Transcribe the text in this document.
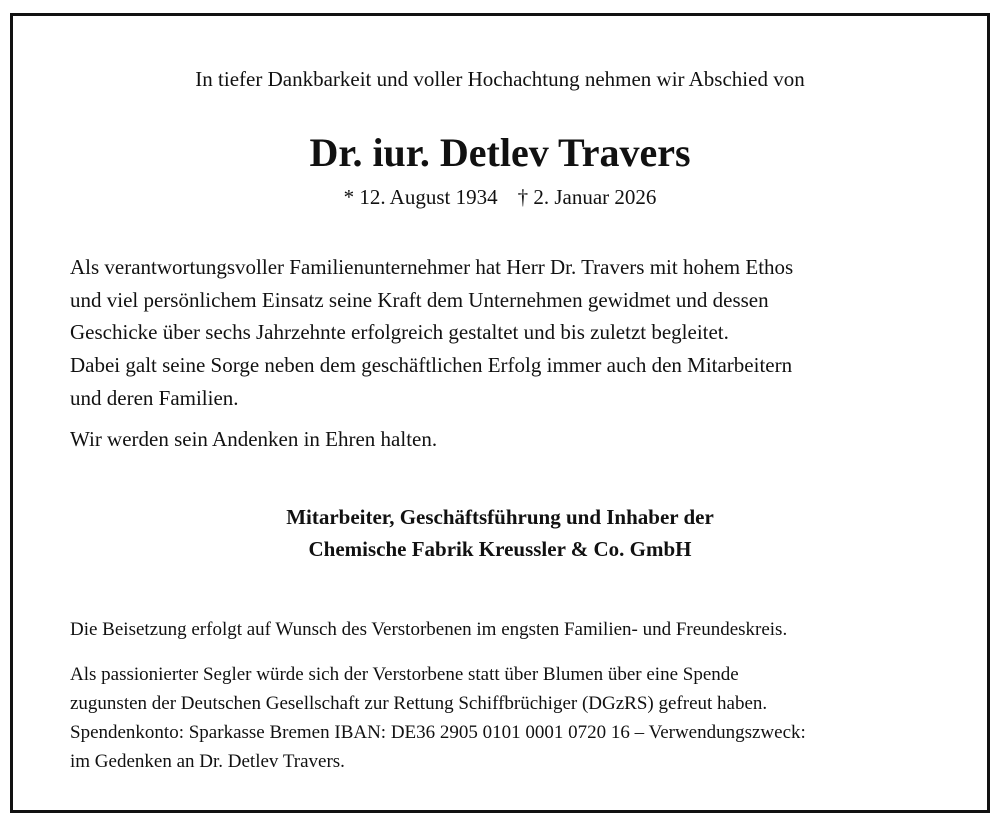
In tiefer Dankbarkeit und voller Hochachtung nehmen wir Abschied von
Dr. iur. Detlev Travers
* 12. August 1934 † 2. Januar 2026
Als verantwortungsvoller Familienunternehmer hat Herr Dr. Travers mit hohem Ethos
und viel persönlichem Einsatz seine Kraft dem Unternehmen gewidmet und dessen
Geschicke über sechs Jahrzehnte erfolgreich gestaltet und bis zuletzt begleitet.
Dabei galt seine Sorge neben dem geschäftlichen Erfolg immer auch den Mitarbeitern
und deren Familien.
Wir werden sein Andenken in Ehren halten.
Mitarbeiter, Geschäftsführung und Inhaber der
Chemische Fabrik Kreussler & Co. GmbH
Die Beisetzung erfolgt auf Wunsch des Verstorbenen im engsten Familien- und Freundeskreis.
Als passionierter Segler würde sich der Verstorbene statt über Blumen über eine Spende
zugunsten der Deutschen Gesellschaft zur Rettung Schiffbrüchiger (DGzRS) gefreut haben.
Spendenkonto: Sparkasse Bremen IBAN: DE36 2905 0101 0001 0720 16 – Verwendungszweck:
im Gedenken an Dr. Detlev Travers.
